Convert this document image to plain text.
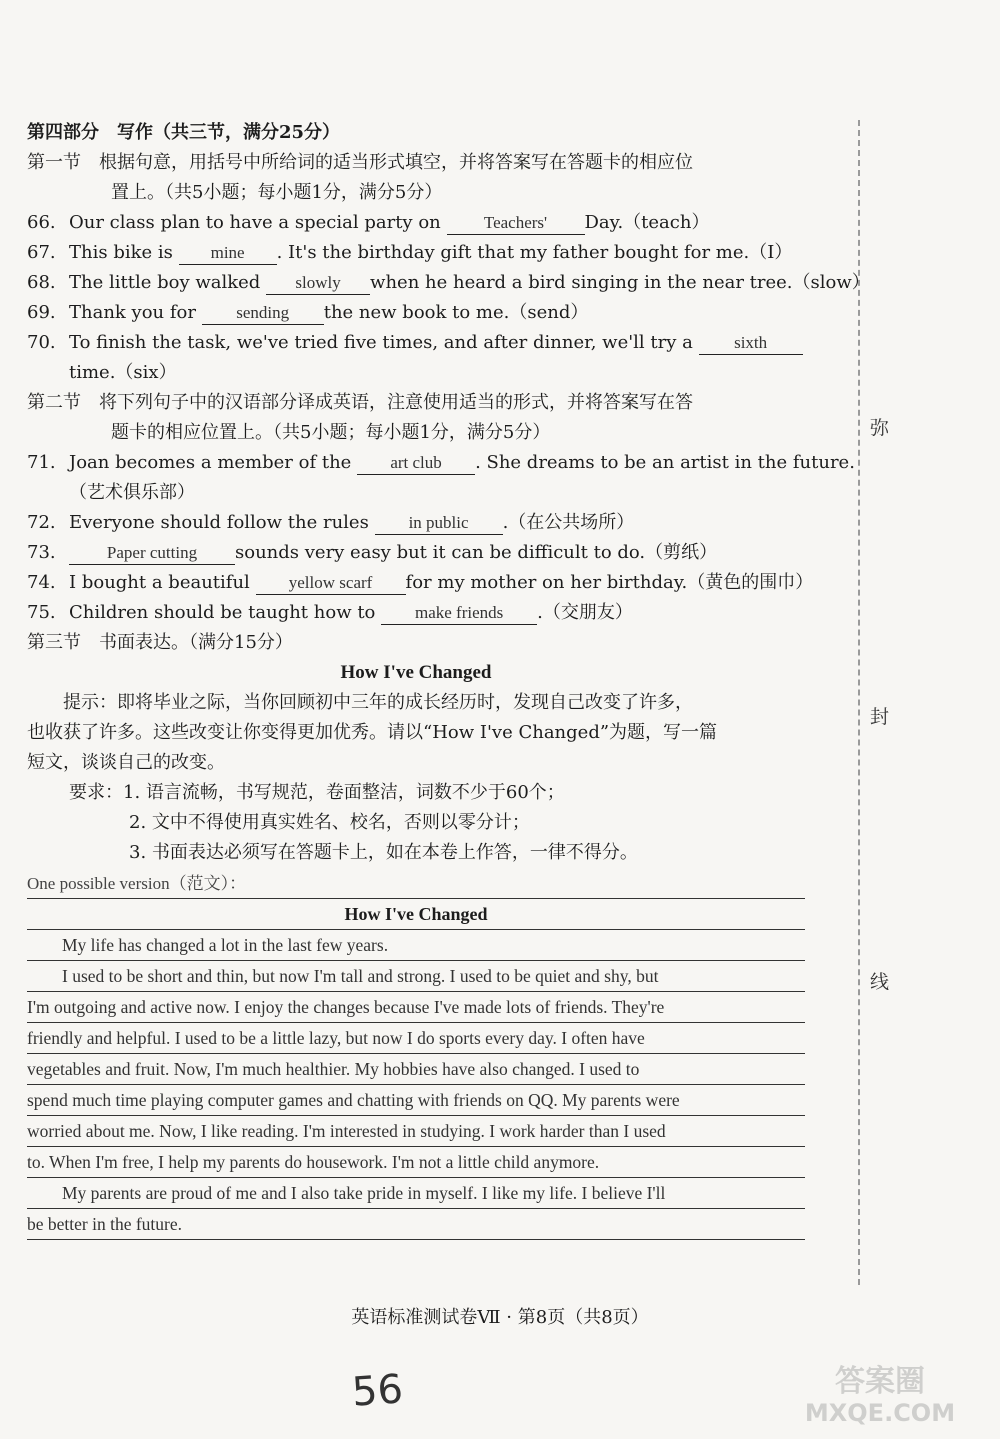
第四部分　写作（共三节，满分25分）
第一节　根据句意，用括号中所给词的适当形式填空，并将答案写在答题卡的相应位
置上。（共5小题；每小题1分，满分5分）
66. Our class plan to have a special party on	Teachers' Day.（teach）
67. This bike is mine . It's the birthday gift that my father bought for me.（I）
68. The little boy walked slowly when he heard a bird singing in the near tree.（slow）
69. Thank you for sending the new book to me.（send）
70. To finish the task, we've tried five times, and after dinner, we'll try a sixth
time.（six）
第二节　将下列句子中的汉语部分译成英语，注意使用适当的形式，并将答案写在答
题卡的相应位置上。（共5小题；每小题1分，满分5分）
71. Joan becomes a member of the art club . She dreams to be an artist in the future.
（艺术俱乐部）
72. Everyone should follow the rules in public .（在公共场所）
73.	Paper cutting sounds very easy but it can be difficult to do.（剪纸）
74. I bought a beautiful yellow scarf for my mother on her birthday.（黄色的围巾）
75. Children should be taught how to make friends .（交朋友）
第三节　书面表达。（满分15分）
How I've Changed
提示：即将毕业之际，当你回顾初中三年的成长经历时，发现自己改变了许多，
也收获了许多。这些改变让你变得更加优秀。请以“How I've Changed”为题，写一篇
短文，谈谈自己的改变。
要求：1. 语言流畅，书写规范，卷面整洁，词数不少于60个；
2. 文中不得使用真实姓名、校名，否则以零分计；
3. 书面表达必须写在答题卡上，如在本卷上作答，一律不得分。
One possible version（范文）：
How I've Changed
　　My life has changed a lot in the last few years.
　　I used to be short and thin, but now I'm tall and strong. I used to be quiet and shy, but
I'm outgoing and active now. I enjoy the changes because I've made lots of friends. They're
friendly and helpful. I used to be a little lazy, but now I do sports every day. I often have
vegetables and fruit. Now, I'm much healthier. My hobbies have also changed. I used to
spend much time playing computer games and chatting with friends on QQ. My parents were
worried about me. Now, I like reading. I'm interested in studying. I work harder than I used
to. When I'm free, I help my parents do housework. I'm not a little child anymore.
　　My parents are proud of me and I also take pride in myself. I like my life. I believe I'll
be better in the future.
弥
封
线
英语标准测试卷Ⅶ · 第8页（共8页）
56	答案圈
MXQE.COM
